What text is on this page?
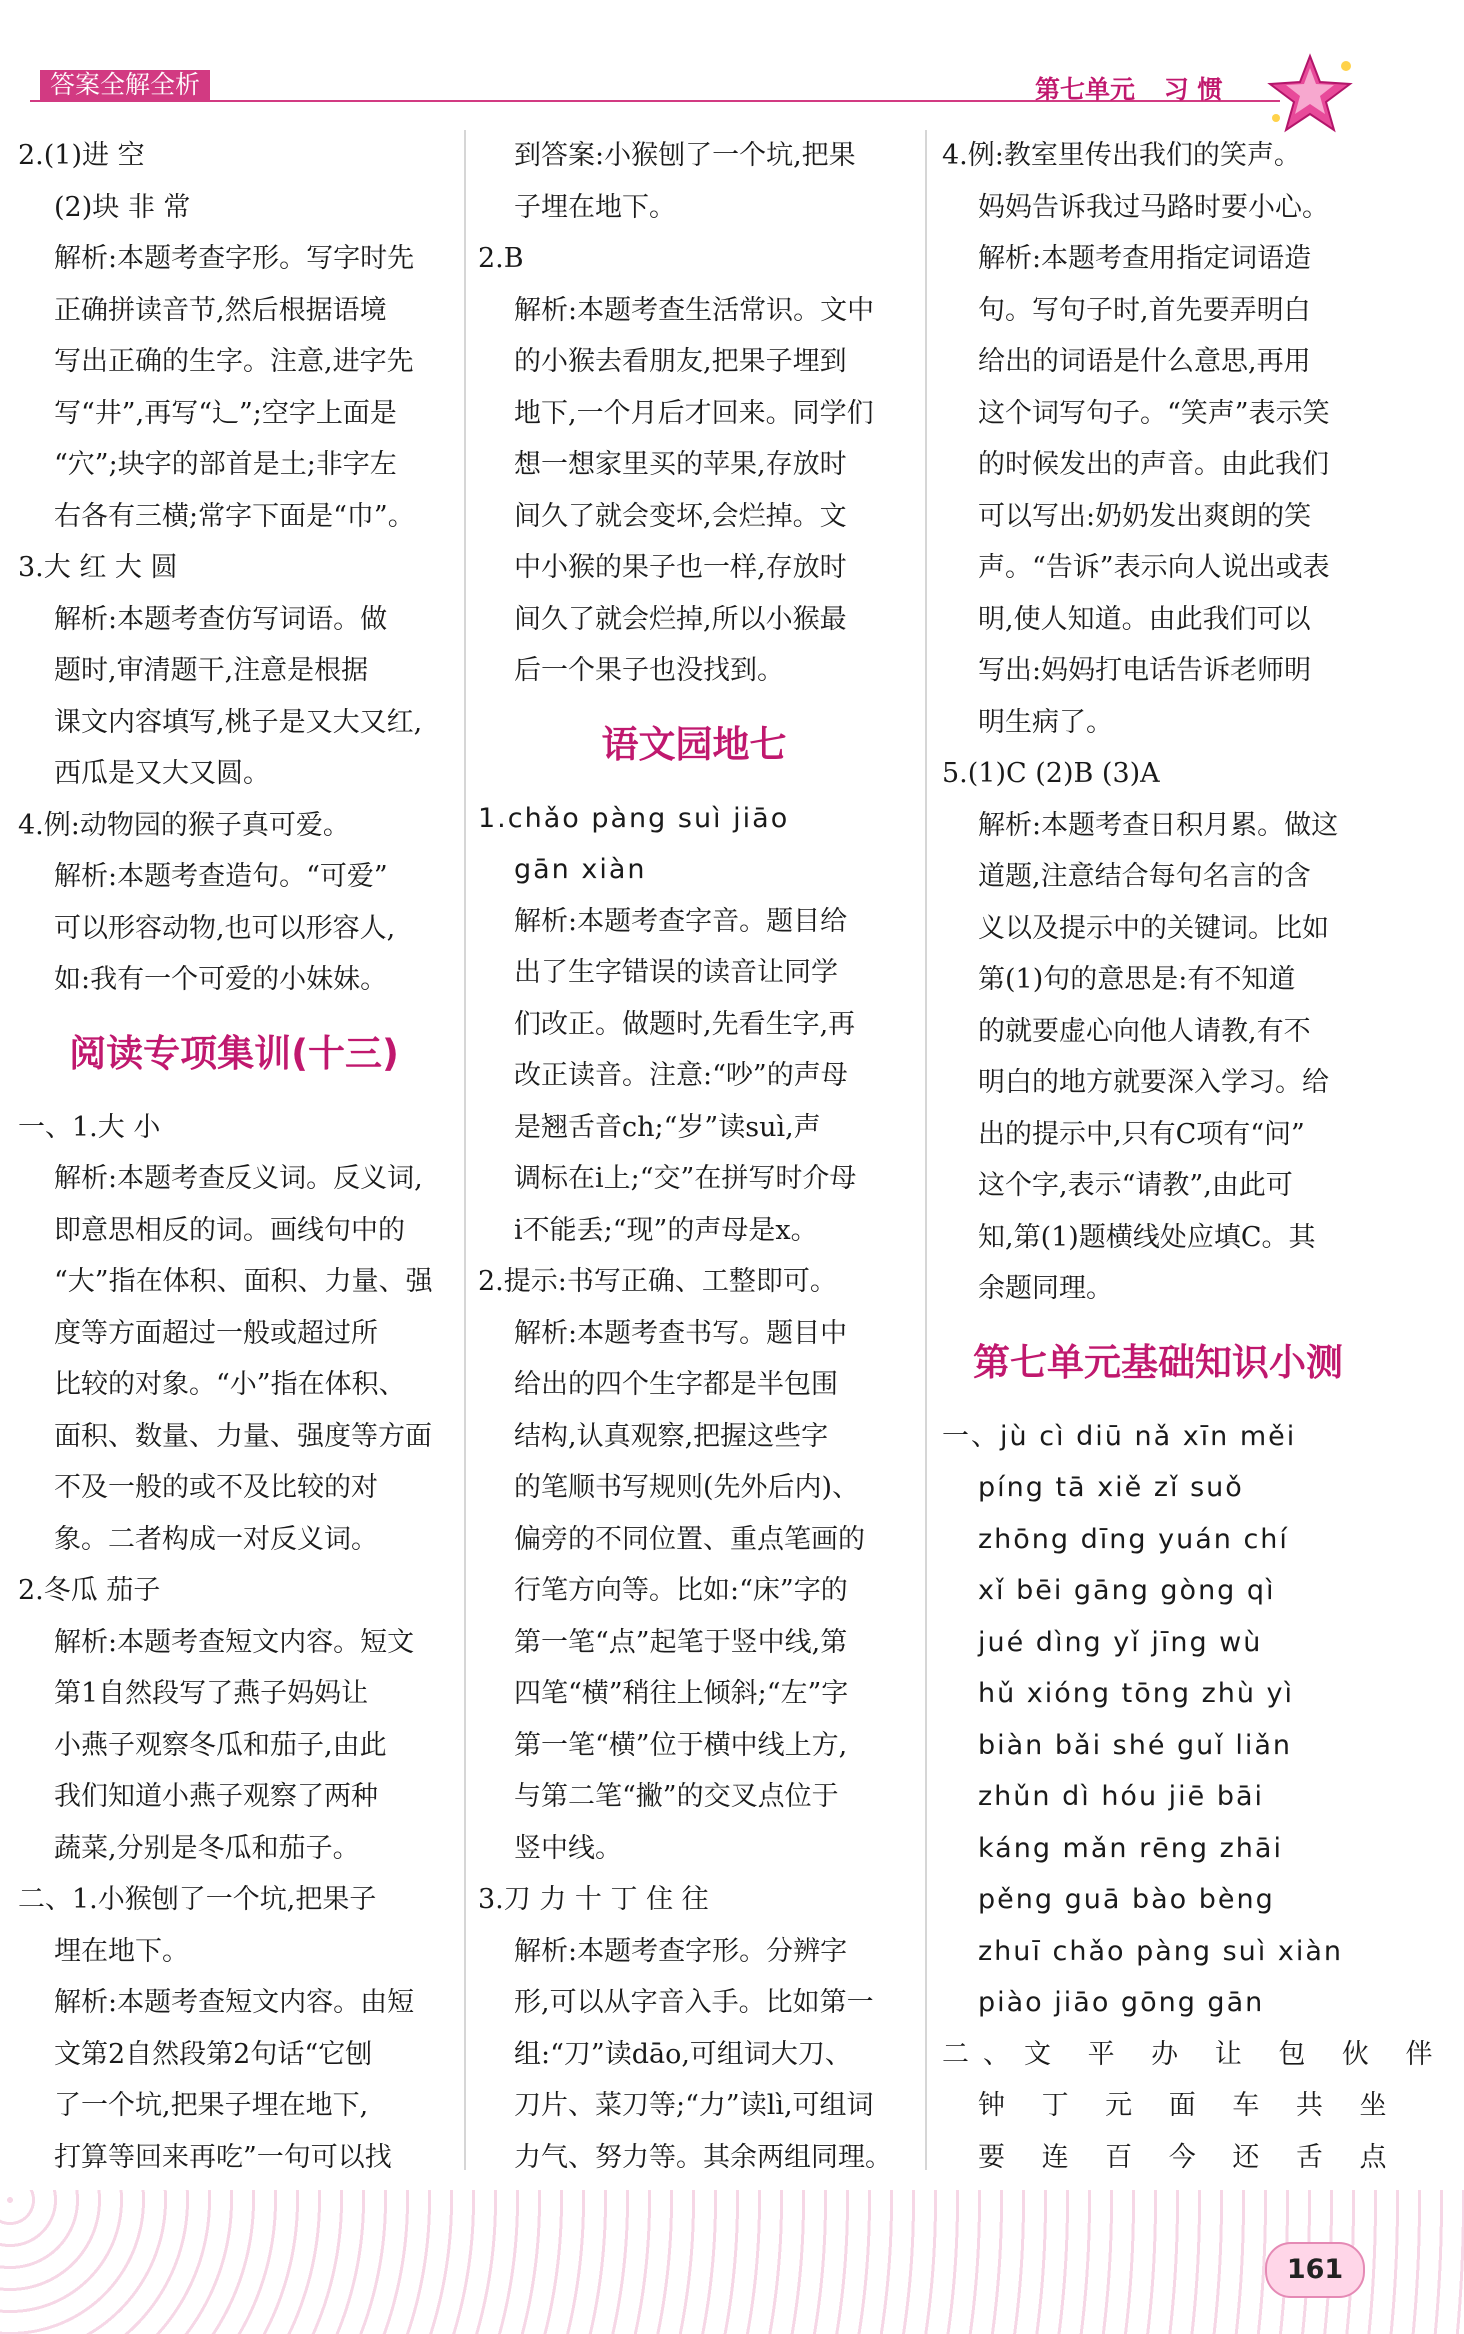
答案全解全析	第七单元 习 惯
2.(1)进 空
(2)块 非 常
解析:本题考查字形。写字时先
正确拼读音节,然后根据语境
写出正确的生字。注意,进字先
写“井”,再写“辶”;空字上面是
“穴”;块字的部首是土;非字左
右各有三横;常字下面是“巾”。
3.大 红 大 圆
解析:本题考查仿写词语。做
题时,审清题干,注意是根据
课文内容填写,桃子是又大又红,
西瓜是又大又圆。
4.例:动物园的猴子真可爱。
解析:本题考查造句。“可爱”
可以形容动物,也可以形容人,
如:我有一个可爱的小妹妹。
阅读专项集训(十三)
一、1.大 小
解析:本题考查反义词。反义词,
即意思相反的词。画线句中的
“大”指在体积、面积、力量、强
度等方面超过一般或超过所
比较的对象。“小”指在体积、
面积、数量、力量、强度等方面
不及一般的或不及比较的对
象。二者构成一对反义词。
2.冬瓜 茄子
解析:本题考查短文内容。短文
第1自然段写了燕子妈妈让
小燕子观察冬瓜和茄子,由此
我们知道小燕子观察了两种
蔬菜,分别是冬瓜和茄子。
二、1.小猴刨了一个坑,把果子
埋在地下。
解析:本题考查短文内容。由短
文第2自然段第2句话“它刨
了一个坑,把果子埋在地下,
打算等回来再吃”一句可以找
到答案:小猴刨了一个坑,把果
子埋在地下。
2.B
解析:本题考查生活常识。文中
的小猴去看朋友,把果子埋到
地下,一个月后才回来。同学们
想一想家里买的苹果,存放时
间久了就会变坏,会烂掉。文
中小猴的果子也一样,存放时
间久了就会烂掉,所以小猴最
后一个果子也没找到。
语文园地七
1.chǎo pàng suì jiāo
gān xiàn
解析:本题考查字音。题目给
出了生字错误的读音让同学
们改正。做题时,先看生字,再
改正读音。注意:“吵”的声母
是翘舌音ch;“岁”读suì,声
调标在i上;“交”在拼写时介母
i不能丢;“现”的声母是x。
2.提示:书写正确、工整即可。
解析:本题考查书写。题目中
给出的四个生字都是半包围
结构,认真观察,把握这些字
的笔顺书写规则(先外后内)、
偏旁的不同位置、重点笔画的
行笔方向等。比如:“床”字的
第一笔“点”起笔于竖中线,第
四笔“横”稍往上倾斜;“左”字
第一笔“横”位于横中线上方,
与第二笔“撇”的交叉点位于
竖中线。
3.刀 力 十 丁 住 往
解析:本题考查字形。分辨字
形,可以从字音入手。比如第一
组:“刀”读dāo,可组词大刀、
刀片、菜刀等;“力”读lì,可组词
力气、努力等。其余两组同理。
4.例:教室里传出我们的笑声。
妈妈告诉我过马路时要小心。
解析:本题考查用指定词语造
句。写句子时,首先要弄明白
给出的词语是什么意思,再用
这个词写句子。“笑声”表示笑
的时候发出的声音。由此我们
可以写出:奶奶发出爽朗的笑
声。“告诉”表示向人说出或表
明,使人知道。由此我们可以
写出:妈妈打电话告诉老师明
明生病了。
5.(1)C (2)B (3)A
解析:本题考查日积月累。做这
道题,注意结合每句名言的含
义以及提示中的关键词。比如
第(1)句的意思是:有不知道
的就要虚心向他人请教,有不
明白的地方就要深入学习。给
出的提示中,只有C项有“问”
这个字,表示“请教”,由此可
知,第(1)题横线处应填C。其
余题同理。
第七单元基础知识小测
一、jù cì diū nǎ xīn měi
píng tā xiě zǐ suǒ
zhōng dīng yuán chí
xǐ bēi gāng gòng qì
jué dìng yǐ jīng wù
hǔ xióng tōng zhù yì
biàn bǎi shé guǐ liǎn
zhǔn dì hóu jiē bāi
káng mǎn rēng zhāi
pěng guā bào bèng
zhuī chǎo pàng suì xiàn
piào jiāo gōng gān
二、文 平 办 让 包 伙 伴
钟 丁 元 面 车 共 坐
要 连 百 今 还 舌 点
161
